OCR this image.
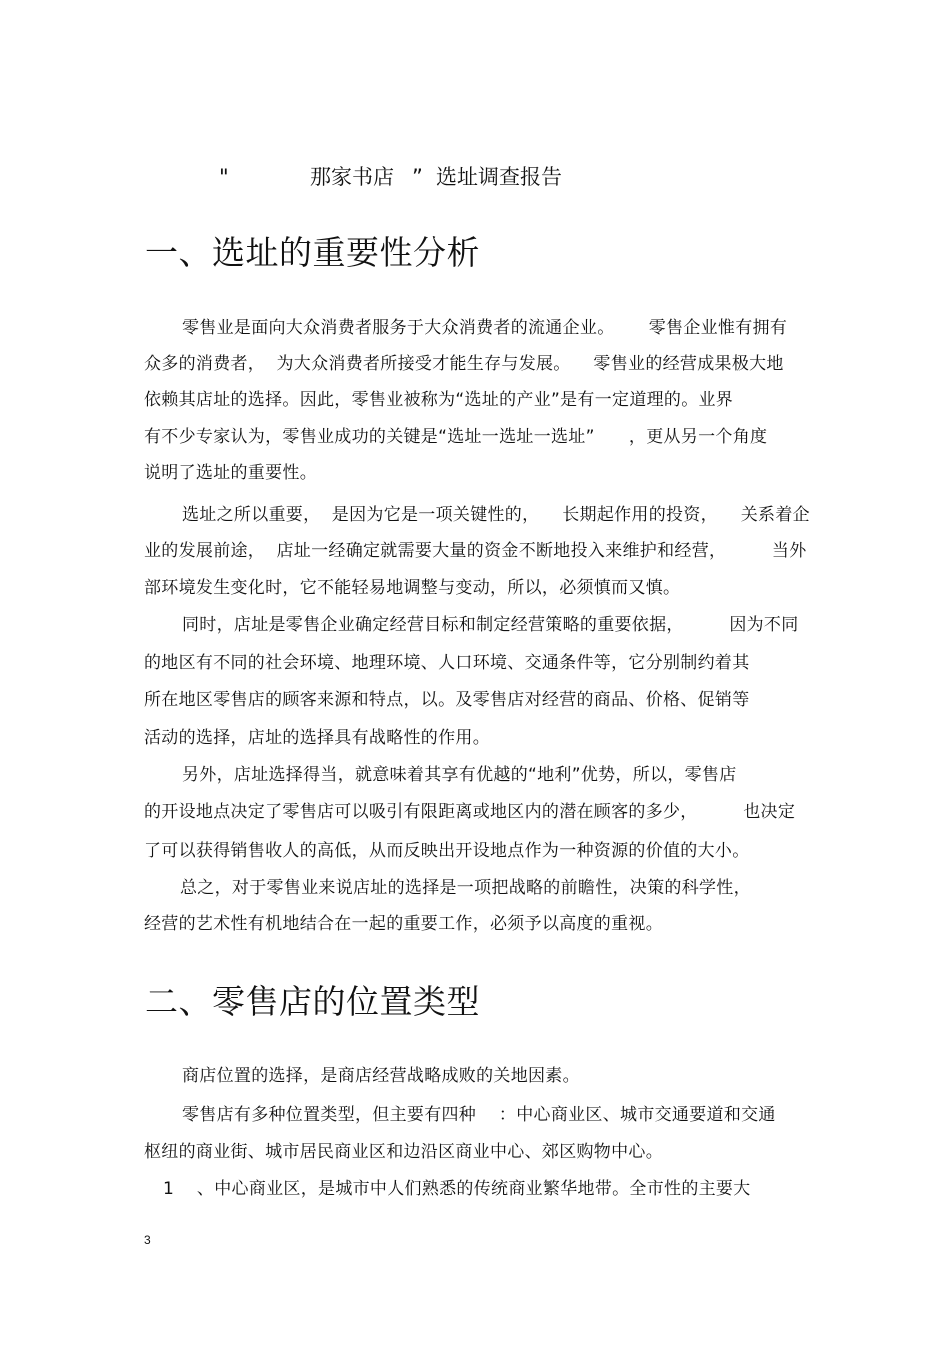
"	那家书店 ” 选址调查报告
一、选址的重要性分析
零售业是面向大众消费者服务于大众消费者的流通企业。      零售企业惟有拥有
众多的消费者，  为大众消费者所接受才能生存与发展。    零售业的经营成果极大地
依赖其店址的选择。因此，零售业被称为“选址的产业”是有一定道理的。业界
有不少专家认为，零售业成功的关键是“选址一选址一选址”      ，更从另一个角度
说明了选址的重要性。
选址之所以重要，  是因为它是一项关键性的，    长期起作用的投资，    关系着企
业的发展前途，  店址一经确定就需要大量的资金不断地投入来维护和经营，        当外
部环境发生变化时，它不能轻易地调整与变动，所以，必须慎而又慎。
同时，店址是零售企业确定经营目标和制定经营策略的重要依据，        因为不同
的地区有不同的社会环境、地理环境、人口环境、交通条件等，它分别制约着其
所在地区零售店的顾客来源和特点，以。及零售店对经营的商品、价格、促销等
活动的选择，店址的选择具有战略性的作用。
另外，店址选择得当，就意味着其享有优越的“地利”优势，所以，零售店
的开设地点决定了零售店可以吸引有限距离或地区内的潜在顾客的多少，        也决定
了可以获得销售收人的高低，从而反映出开设地点作为一种资源的价值的大小。
总之，对于零售业来说店址的选择是一项把战略的前瞻性，决策的科学性，
经营的艺术性有机地结合在一起的重要工作，必须予以高度的重视。
二、零售店的位置类型
商店位置的选择，是商店经营战略成败的关地因素。
零售店有多种位置类型，但主要有四种    ：中心商业区、城市交通要道和交通
枢纽的商业街、城市居民商业区和边沿区商业中心、郊区购物中心。
1    、中心商业区，是城市中人们熟悉的传统商业繁华地带。全市性的主要大
3
